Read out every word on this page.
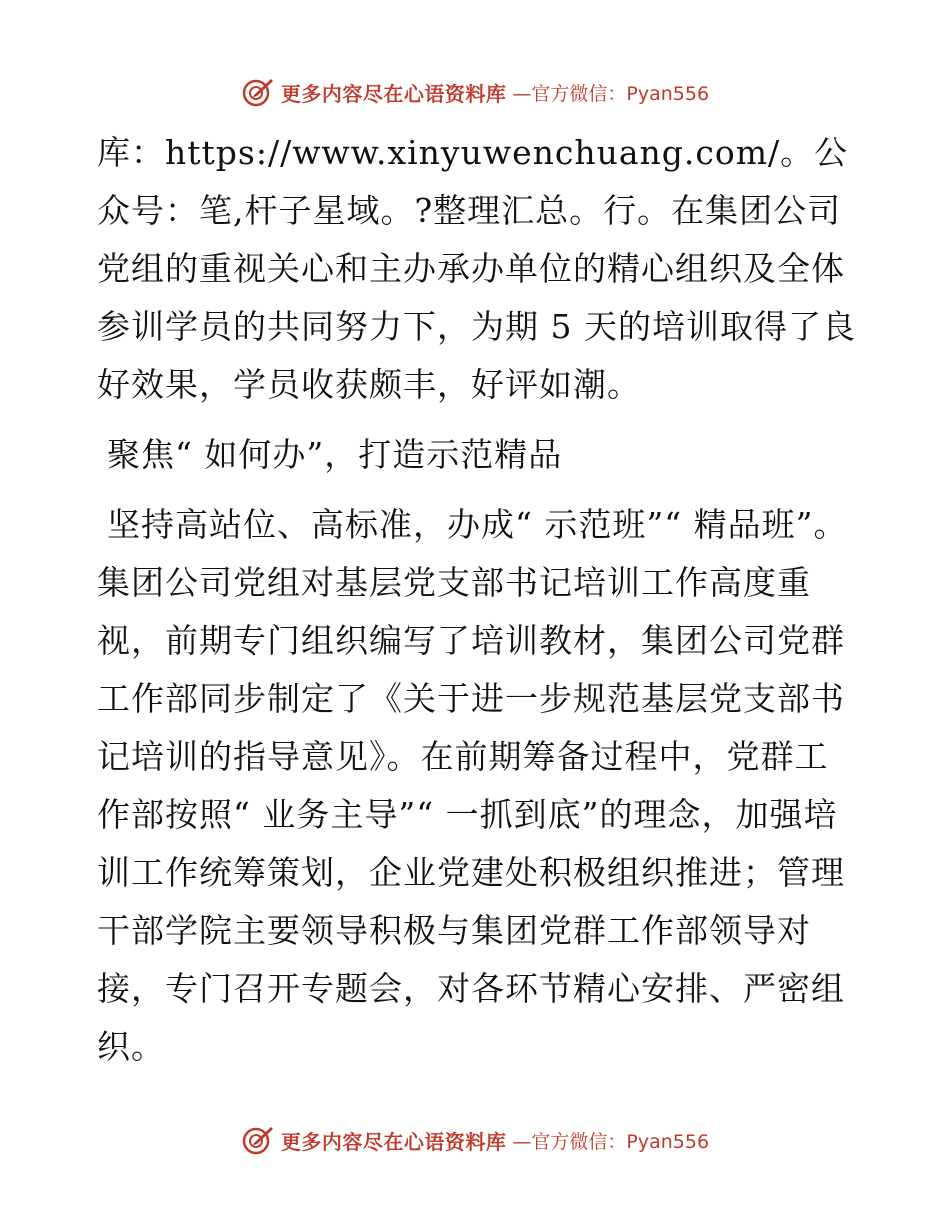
更多内容尽在心语资料库 —官方微信：Pyan556

库：https://www.xinyuwenchuang.com/。公众号：笔,杆子星域。?整理汇总。行。在集团公司党组的重视关心和主办承办单位的精心组织及全体参训学员的共同努力下，为期 5 天的培训取得了良好效果，学员收获颇丰，好评如潮。

聚焦“ 如何办”，打造示范精品

坚持高站位、高标准，办成“ 示范班”“ 精品班”。集团公司党组对基层党支部书记培训工作高度重视，前期专门组织编写了培训教材，集团公司党群工作部同步制定了《关于进一步规范基层党支部书记培训的指导意见》。在前期筹备过程中，党群工作部按照“ 业务主导”“ 一抓到底”的理念，加强培训工作统筹策划，企业党建处积极组织推进；管理干部学院主要领导积极与集团党群工作部领导对接，专门召开专题会，对各环节精心安排、严密组织。

更多内容尽在心语资料库 —官方微信：Pyan556
